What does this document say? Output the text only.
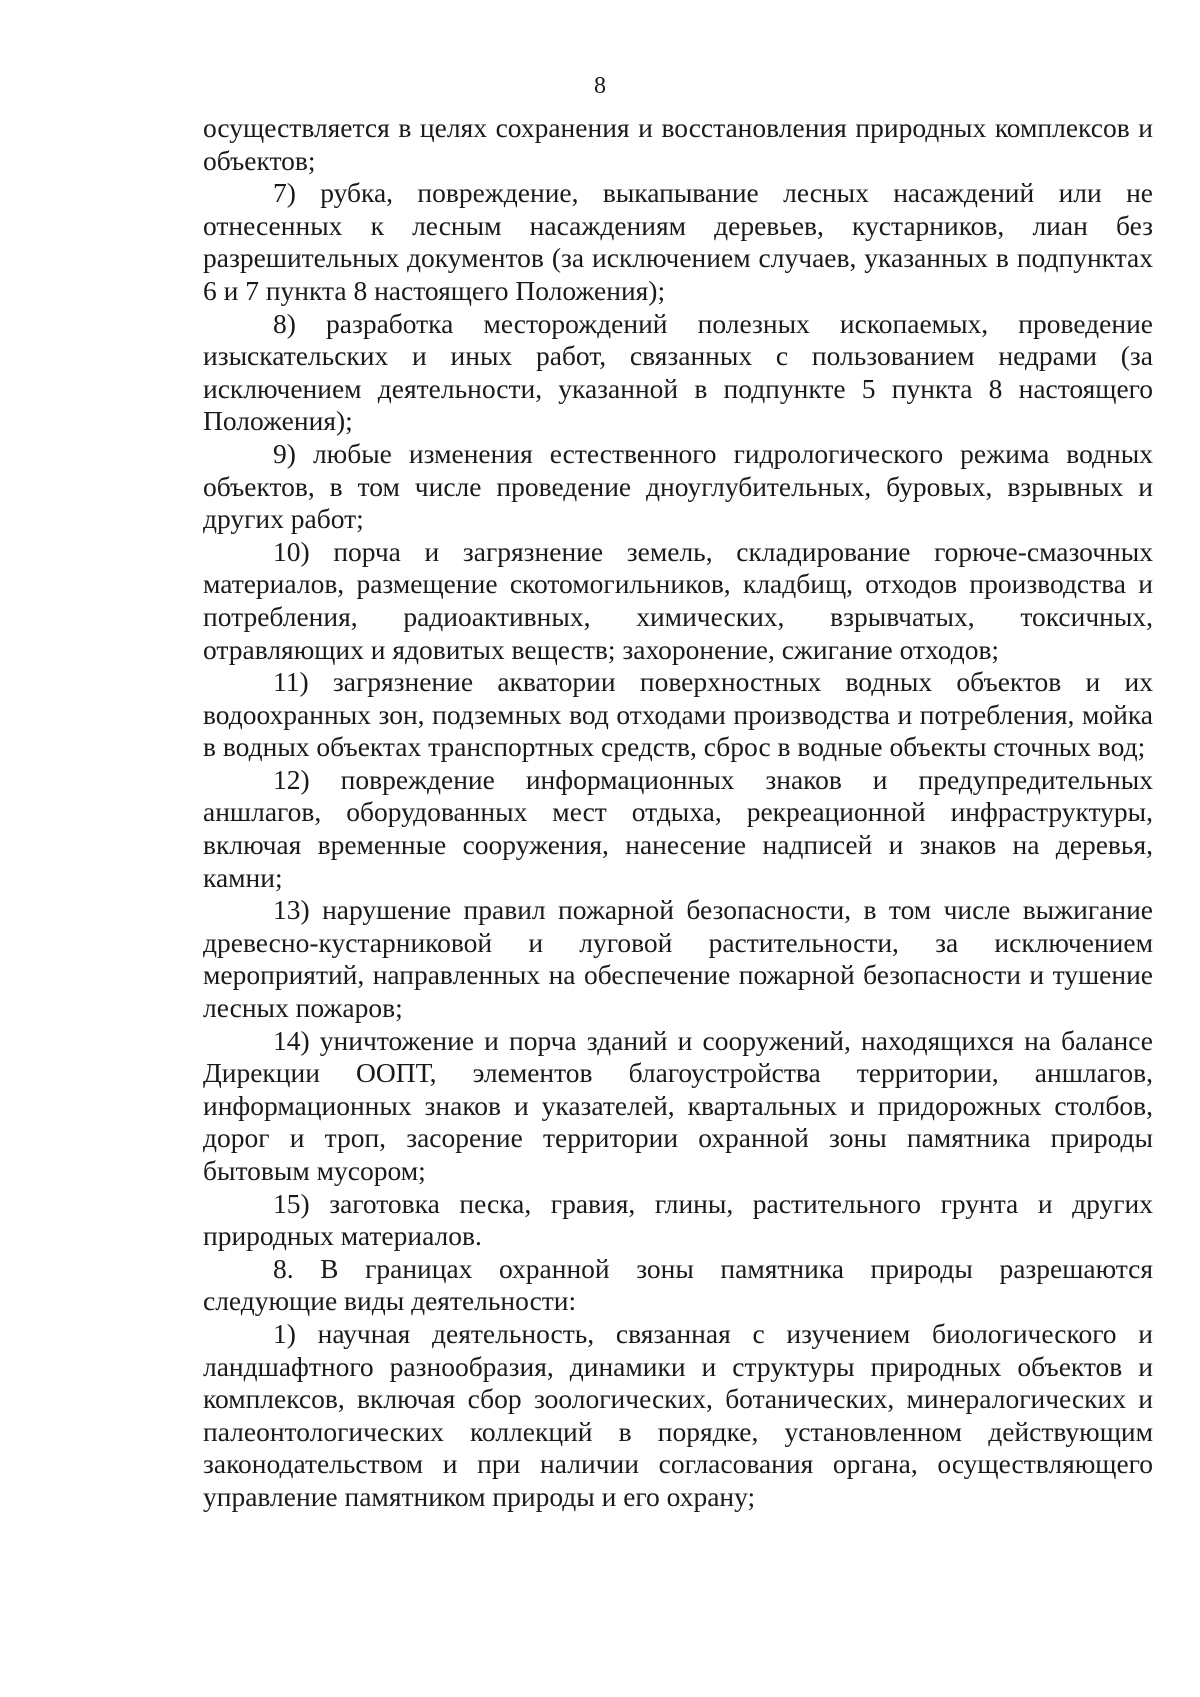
8

осуществляется в целях сохранения и восстановления природных комплексов и объектов;

7) рубка, повреждение, выкапывание лесных насаждений или не отнесенных к лесным насаждениям деревьев, кустарников, лиан без разрешительных документов (за исключением случаев, указанных в подпунктах 6 и 7 пункта 8 настоящего Положения);

8) разработка месторождений полезных ископаемых, проведение изыскательских и иных работ, связанных с пользованием недрами (за исключением деятельности, указанной в подпункте 5 пункта 8 настоящего Положения);

9) любые изменения естественного гидрологического режима водных объектов, в том числе проведение дноуглубительных, буровых, взрывных и других работ;

10) порча и загрязнение земель, складирование горюче-смазочных материалов, размещение скотомогильников, кладбищ, отходов производства и потребления, радиоактивных, химических, взрывчатых, токсичных, отравляющих и ядовитых веществ; захоронение, сжигание отходов;

11) загрязнение акватории поверхностных водных объектов и их водоохранных зон, подземных вод отходами производства и потребления, мойка в водных объектах транспортных средств, сброс в водные объекты сточных вод;

12) повреждение информационных знаков и предупредительных аншлагов, оборудованных мест отдыха, рекреационной инфраструктуры, включая временные сооружения, нанесение надписей и знаков на деревья, камни;

13) нарушение правил пожарной безопасности, в том числе выжигание древесно-кустарниковой и луговой растительности, за исключением мероприятий, направленных на обеспечение пожарной безопасности и тушение лесных пожаров;

14) уничтожение и порча зданий и сооружений, находящихся на балансе Дирекции ООПТ, элементов благоустройства территории, аншлагов, информационных знаков и указателей, квартальных и придорожных столбов, дорог и троп, засорение территории охранной зоны памятника природы бытовым мусором;

15) заготовка песка, гравия, глины, растительного грунта и других природных материалов.

8. В границах охранной зоны памятника природы разрешаются следующие виды деятельности:

1) научная деятельность, связанная с изучением биологического и ландшафтного разнообразия, динамики и структуры природных объектов и комплексов, включая сбор зоологических, ботанических, минералогических и палеонтологических коллекций в порядке, установленном действующим законодательством и при наличии согласования органа, осуществляющего управление памятником природы и его охрану;
